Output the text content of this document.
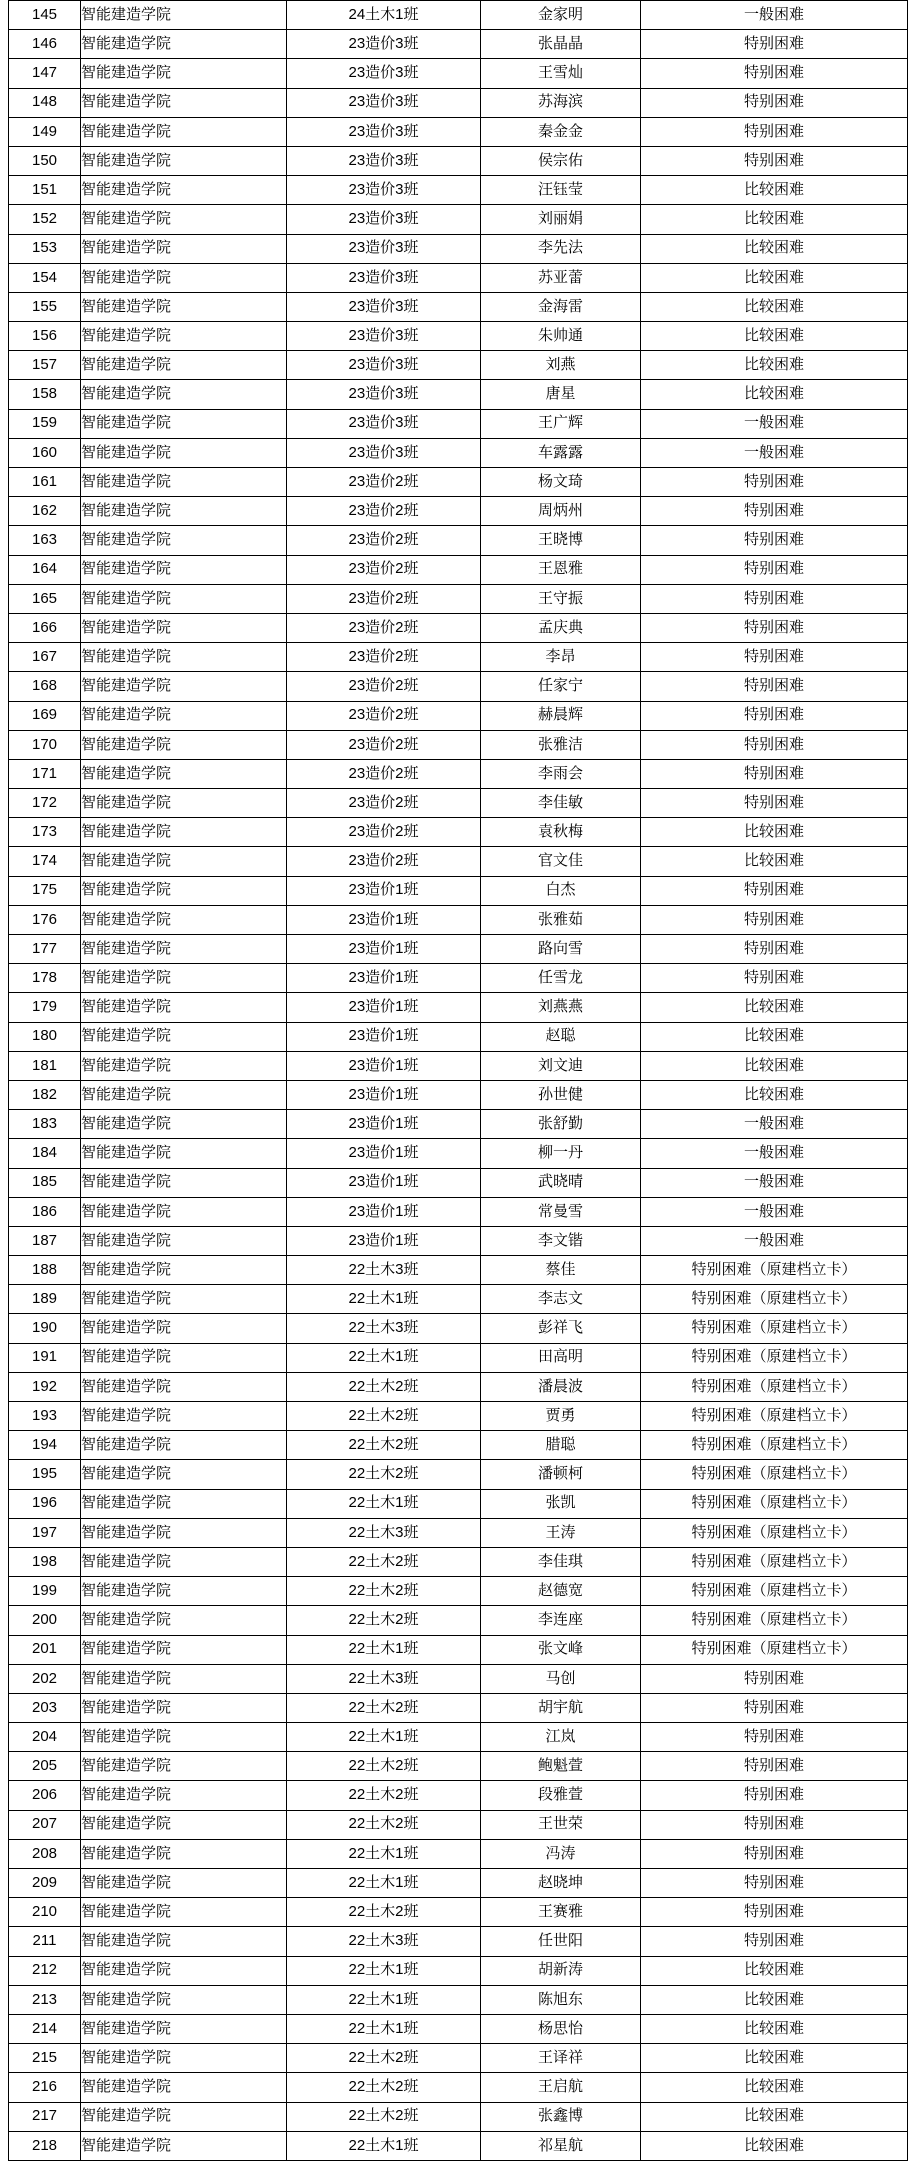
145	智能建造学院	24土木1班	金家明	一般困难
146	智能建造学院	23造价3班	张晶晶	特别困难
147	智能建造学院	23造价3班	王雪灿	特别困难
148	智能建造学院	23造价3班	苏海滨	特别困难
149	智能建造学院	23造价3班	秦金金	特别困难
150	智能建造学院	23造价3班	侯宗佑	特别困难
151	智能建造学院	23造价3班	汪钰莹	比较困难
152	智能建造学院	23造价3班	刘丽娟	比较困难
153	智能建造学院	23造价3班	李先法	比较困难
154	智能建造学院	23造价3班	苏亚蕾	比较困难
155	智能建造学院	23造价3班	金海雷	比较困难
156	智能建造学院	23造价3班	朱帅通	比较困难
157	智能建造学院	23造价3班	刘燕	比较困难
158	智能建造学院	23造价3班	唐星	比较困难
159	智能建造学院	23造价3班	王广辉	一般困难
160	智能建造学院	23造价3班	车露露	一般困难
161	智能建造学院	23造价2班	杨文琦	特别困难
162	智能建造学院	23造价2班	周炳州	特别困难
163	智能建造学院	23造价2班	王晓博	特别困难
164	智能建造学院	23造价2班	王恩雅	特别困难
165	智能建造学院	23造价2班	王守振	特别困难
166	智能建造学院	23造价2班	孟庆典	特别困难
167	智能建造学院	23造价2班	李昂	特别困难
168	智能建造学院	23造价2班	任家宁	特别困难
169	智能建造学院	23造价2班	赫晨辉	特别困难
170	智能建造学院	23造价2班	张雅洁	特别困难
171	智能建造学院	23造价2班	李雨会	特别困难
172	智能建造学院	23造价2班	李佳敏	特别困难
173	智能建造学院	23造价2班	袁秋梅	比较困难
174	智能建造学院	23造价2班	官文佳	比较困难
175	智能建造学院	23造价1班	白杰	特别困难
176	智能建造学院	23造价1班	张雅茹	特别困难
177	智能建造学院	23造价1班	路向雪	特别困难
178	智能建造学院	23造价1班	任雪龙	特别困难
179	智能建造学院	23造价1班	刘燕燕	比较困难
180	智能建造学院	23造价1班	赵聪	比较困难
181	智能建造学院	23造价1班	刘文迪	比较困难
182	智能建造学院	23造价1班	孙世健	比较困难
183	智能建造学院	23造价1班	张舒勤	一般困难
184	智能建造学院	23造价1班	柳一丹	一般困难
185	智能建造学院	23造价1班	武晓晴	一般困难
186	智能建造学院	23造价1班	常曼雪	一般困难
187	智能建造学院	23造价1班	李文锴	一般困难
188	智能建造学院	22土木3班	蔡佳	特别困难（原建档立卡）
189	智能建造学院	22土木1班	李志文	特别困难（原建档立卡）
190	智能建造学院	22土木3班	彭祥飞	特别困难（原建档立卡）
191	智能建造学院	22土木1班	田高明	特别困难（原建档立卡）
192	智能建造学院	22土木2班	潘晨波	特别困难（原建档立卡）
193	智能建造学院	22土木2班	贾勇	特别困难（原建档立卡）
194	智能建造学院	22土木2班	腊聪	特别困难（原建档立卡）
195	智能建造学院	22土木2班	潘顿柯	特别困难（原建档立卡）
196	智能建造学院	22土木1班	张凯	特别困难（原建档立卡）
197	智能建造学院	22土木3班	王涛	特别困难（原建档立卡）
198	智能建造学院	22土木2班	李佳琪	特别困难（原建档立卡）
199	智能建造学院	22土木2班	赵德宽	特别困难（原建档立卡）
200	智能建造学院	22土木2班	李连座	特别困难（原建档立卡）
201	智能建造学院	22土木1班	张文峰	特别困难（原建档立卡）
202	智能建造学院	22土木3班	马创	特别困难
203	智能建造学院	22土木2班	胡宇航	特别困难
204	智能建造学院	22土木1班	江岚	特别困难
205	智能建造学院	22土木2班	鲍魁萱	特别困难
206	智能建造学院	22土木2班	段雅萱	特别困难
207	智能建造学院	22土木2班	王世荣	特别困难
208	智能建造学院	22土木1班	冯涛	特别困难
209	智能建造学院	22土木1班	赵晓坤	特别困难
210	智能建造学院	22土木2班	王赛雅	特别困难
211	智能建造学院	22土木3班	任世阳	特别困难
212	智能建造学院	22土木1班	胡新涛	比较困难
213	智能建造学院	22土木1班	陈旭东	比较困难
214	智能建造学院	22土木1班	杨思怡	比较困难
215	智能建造学院	22土木2班	王译祥	比较困难
216	智能建造学院	22土木2班	王启航	比较困难
217	智能建造学院	22土木2班	张鑫博	比较困难
218	智能建造学院	22土木1班	祁星航	比较困难
